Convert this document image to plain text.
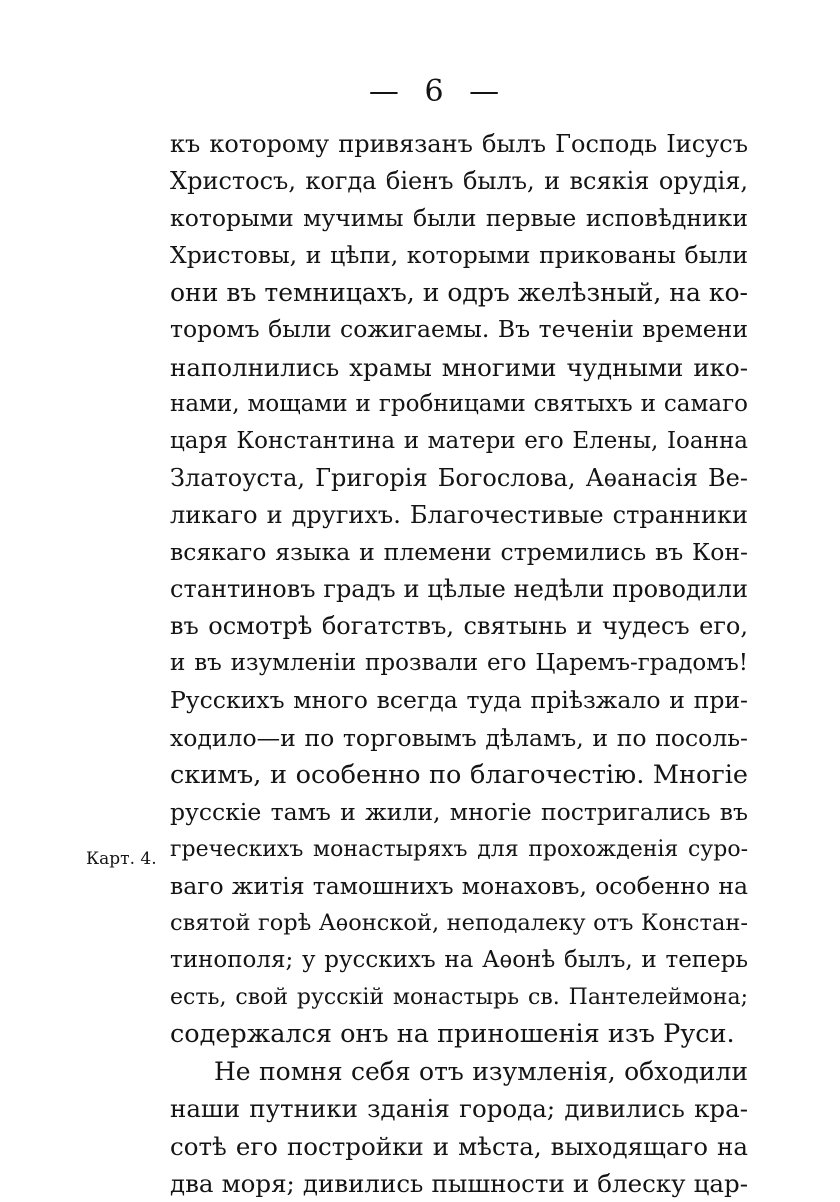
— 6 —
Карт. 4.
къ которому привязанъ былъ Господь Іисусъ
Христосъ, когда біенъ былъ, и всякія орудія,
которыми мучимы были первые исповѣдники
Христовы, и цѣпи, которыми прикованы были
они въ темницахъ, и одръ желѣзный, на ко-
торомъ были сожигаемы. Въ теченіи времени
наполнились храмы многими чудными ико-
нами, мощами и гробницами святыхъ и самаго
царя Константина и матери его Елены, Іоанна
Златоуста, Григорія Богослова, Аѳанасія Ве-
ликаго и другихъ. Благочестивые странники
всякаго языка и племени стремились въ Кон-
стантиновъ градъ и цѣлые недѣли проводили
въ осмотрѣ богатствъ, святынь и чудесъ его,
и въ изумленіи прозвали его Царемъ-градомъ!
Русскихъ много всегда туда пріѣзжало и при-
ходило—и по торговымъ дѣламъ, и по посоль-
скимъ, и особенно по благочестію. Многіе
русскіе тамъ и жили, многіе постригались въ
греческихъ монастыряхъ для прохожденія суро-
ваго житія тамошнихъ монаховъ, особенно на
святой горѣ Аѳонской, неподалеку отъ Констан-
тинополя; у русскихъ на Аѳонѣ былъ, и теперь
есть, свой русскій монастырь св. Пантелеймона;
содержался онъ на приношенія изъ Руси.
Не помня себя отъ изумленія, обходили
наши путники зданія города; дивились кра-
сотѣ его постройки и мѣста, выходящаго на
два моря; дивились пышности и блеску цар-
